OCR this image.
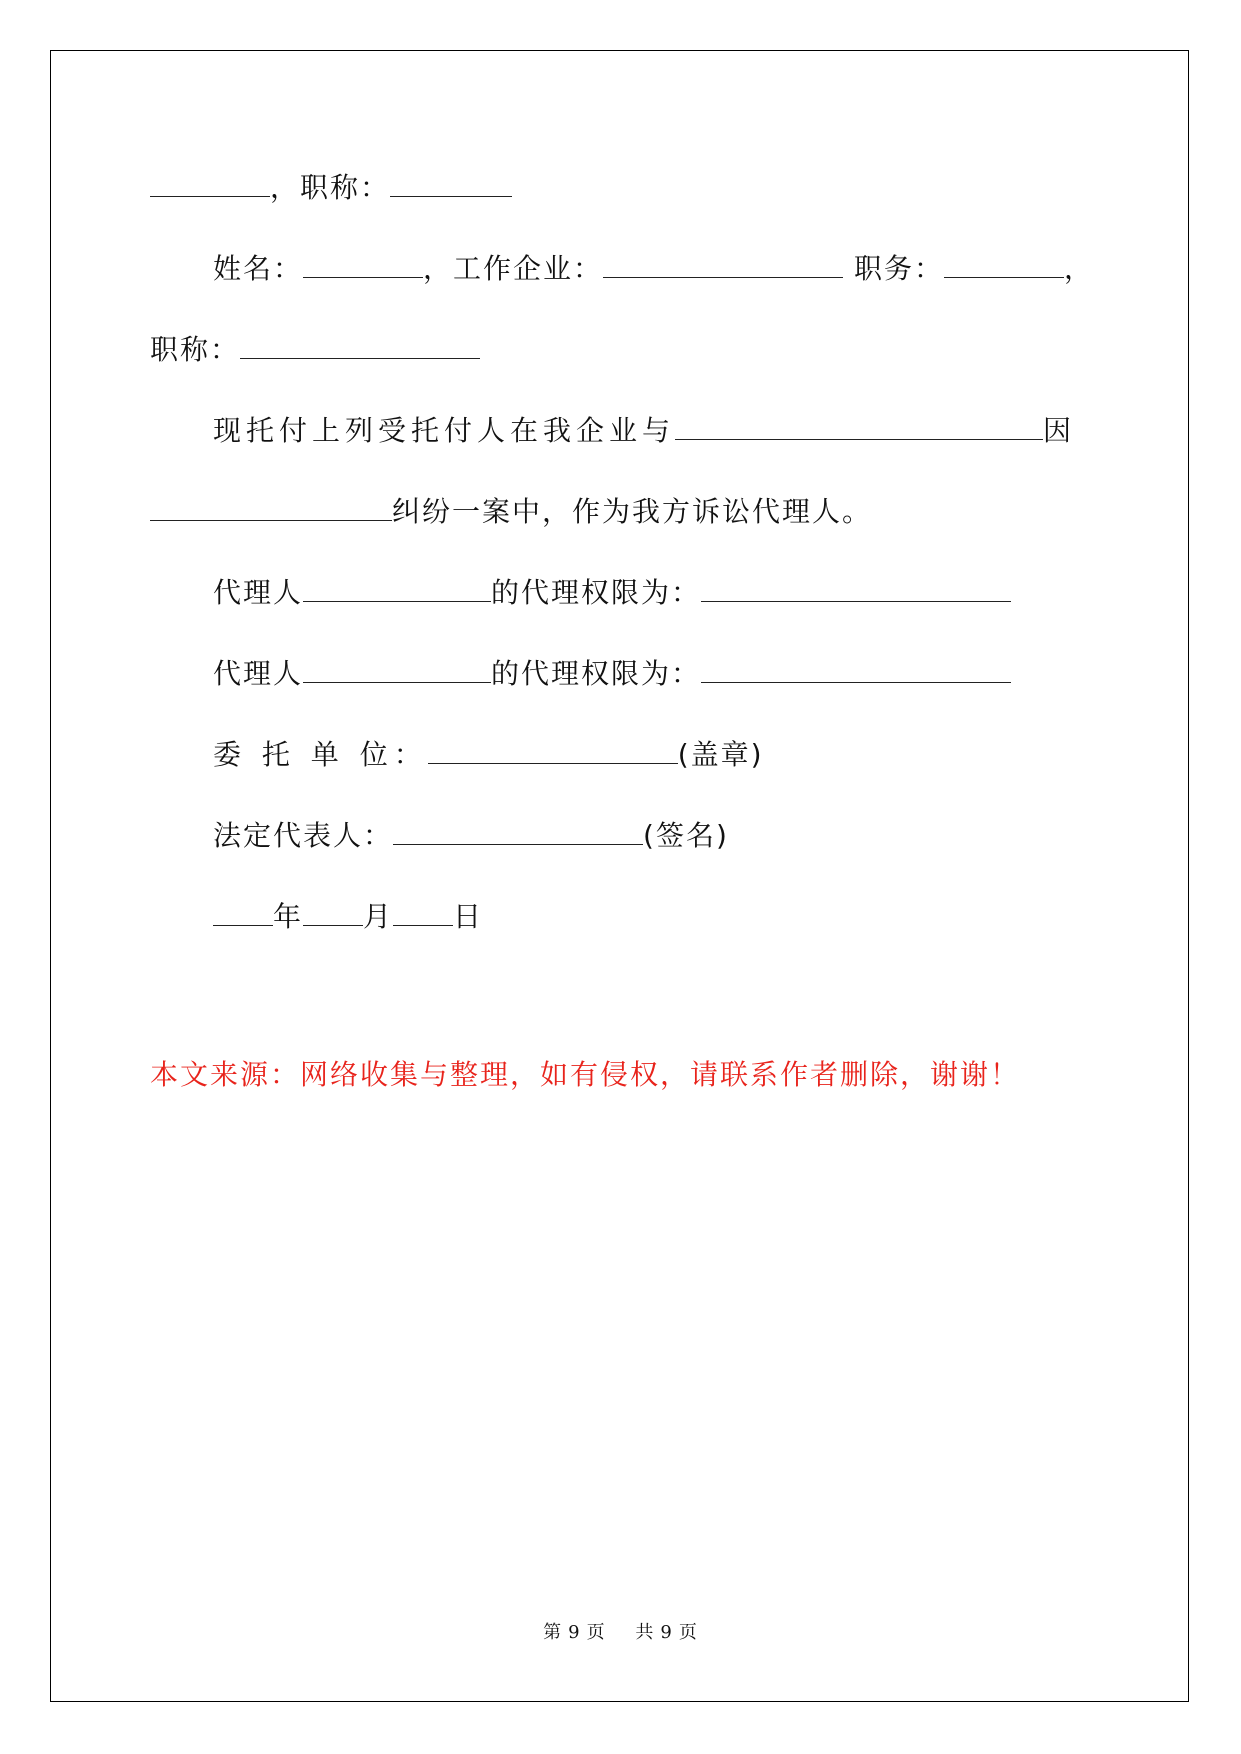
，职称：
姓名：	，工作企业：	职务：	，
职称：
现托付上列受托付人在我企业与	因
纠纷一案中，作为我方诉讼代理人。
代理人	的代理权限为：
代理人	的代理权限为：
委 托 单 位：	(盖章)
法定代表人：	(签名)
年 月 日
本文来源：网络收集与整理，如有侵权，请联系作者删除，谢谢！
第 9 页 共 9 页
